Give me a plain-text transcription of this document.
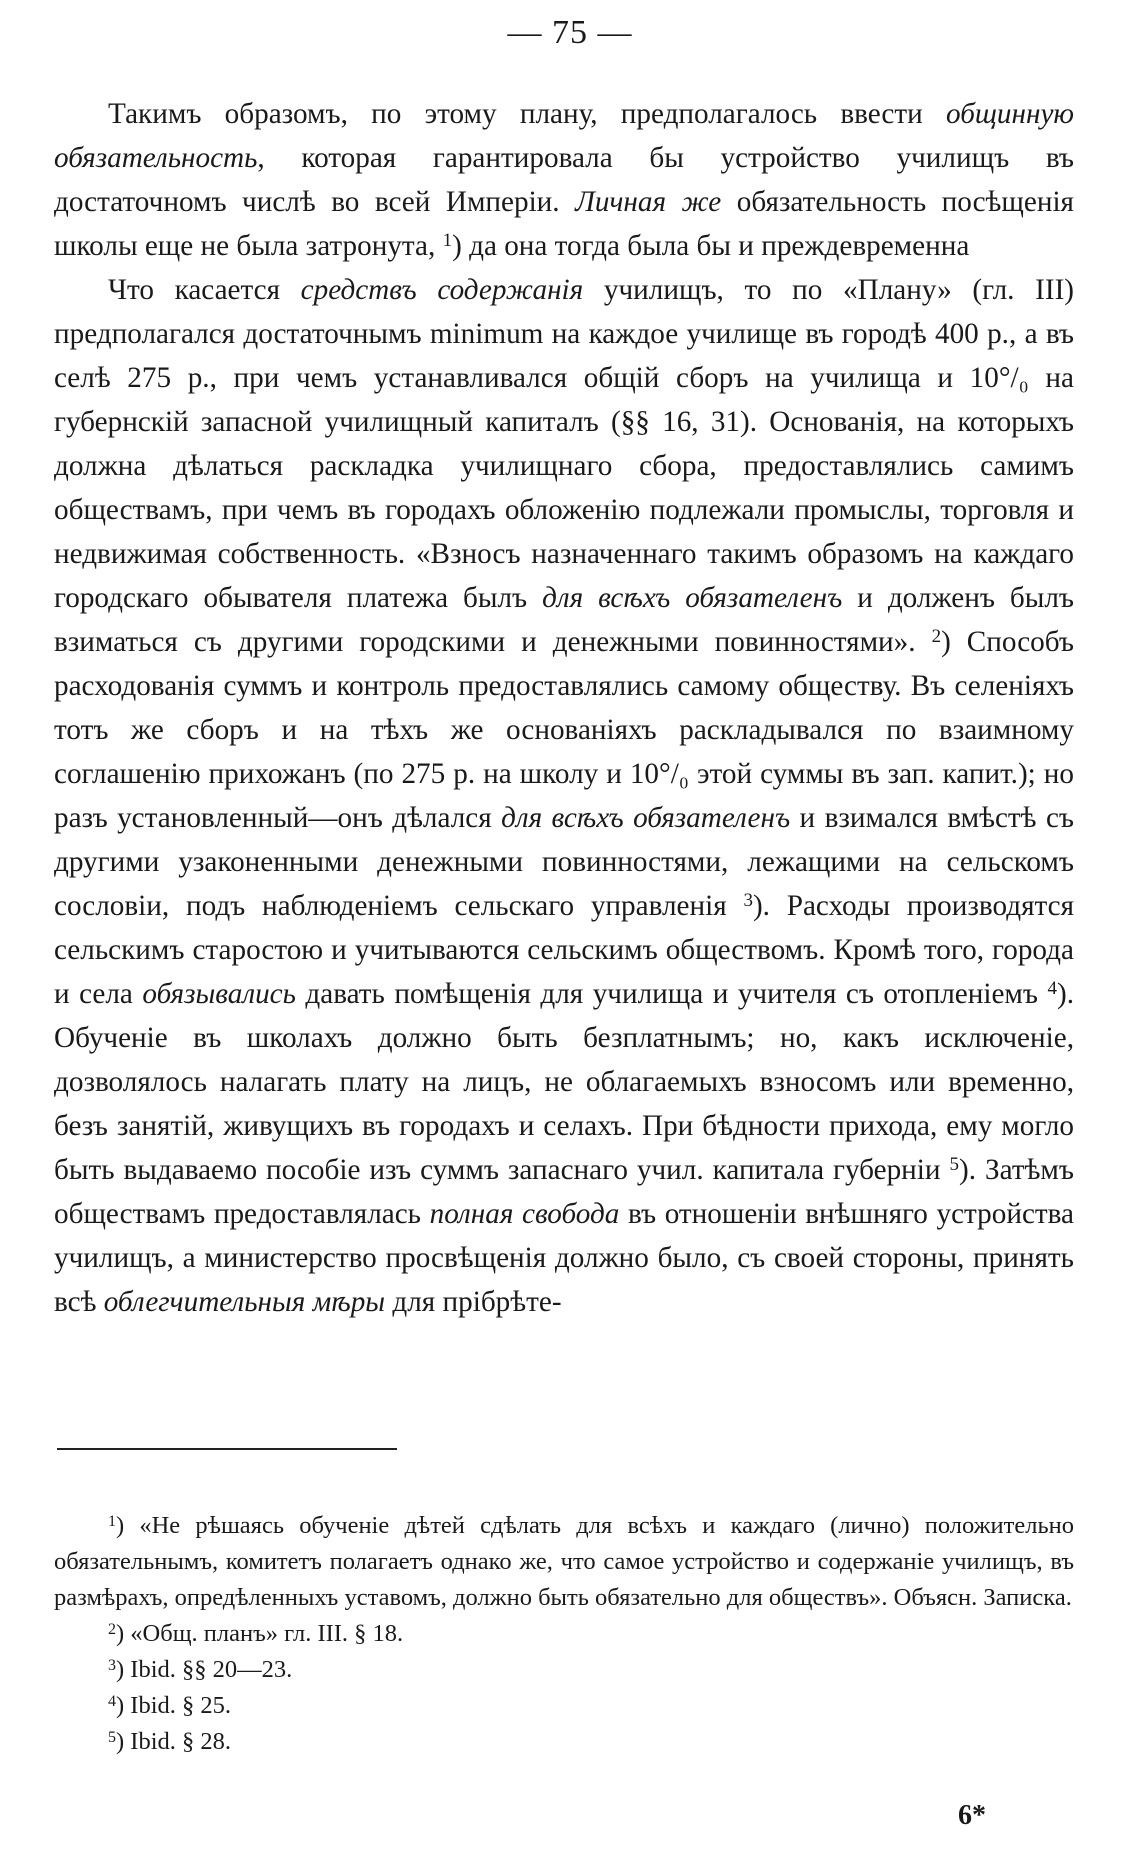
— 75 —

Такимъ образомъ, по этому плану, предполагалось ввести общинную обязательность, которая гарантировала бы устройство училищъ въ достаточномъ числѣ во всей Имперіи. Личная же обязательность посѣщенія школы еще не была затронута, $^1$) да она тогда была бы и преждевременна

Что касается средствъ содержанія училищъ, то по «Плану» (гл. III) предполагался достаточнымъ minimum на каждое училище въ городѣ 400 р., а въ селѣ 275 р., при чемъ устанавливался общій сборъ на училища и 10°/₀ на губернскій запасной училищный капиталъ (§§ 16, 31). Основанія, на которыхъ должна дѣлаться раскладка училищнаго сбора, предоставлялись самимъ обществамъ, при чемъ въ городахъ обложенію подлежали промыслы, торговля и недвижимая собственность. «Взносъ назначеннаго такимъ образомъ на каждаго городскаго обывателя платежа былъ для всѣхъ обязателенъ и долженъ былъ взиматься съ другими городскими и денежными повинностями». $^2$) Способъ расходованія суммъ и контроль предоставлялись самому обществу. Въ селеніяхъ тотъ же сборъ и на тѣхъ же основаніяхъ раскладывался по взаимному соглашенію прихожанъ (по 275 р. на школу и 10°/₀ этой суммы въ зап. капит.); но разъ установленный—онъ дѣлался для всѣхъ обязателенъ и взимался вмѣстѣ съ другими узаконенными денежными повинностями, лежащими на сельскомъ сословіи, подъ наблюденіемъ сельскаго управленія $^3$). Расходы производятся сельскимъ старостою и учитываются сельскимъ обществомъ. Кромѣ того, города и села обязывались давать помѣщенія для училища и учителя съ отопленіемъ $^4$). Обученіе въ школахъ должно быть безплатнымъ; но, какъ исключеніе, дозволялось налагать плату на лицъ, не облагаемыхъ взносомъ или временно, безъ занятій, живущихъ въ городахъ и селахъ. При бѣдности прихода, ему могло быть выдаваемо пособіе изъ суммъ запаснаго учил. капитала губерніи $^5$). Затѣмъ обществамъ предоставлялась полная свобода въ отношеніи внѣшняго устройства училищъ, а министерство просвѣщенія должно было, съ своей стороны, принять всѣ облегчительныя мѣры для прiбрѣте-

$^1$) «Не рѣшаясь обученіе дѣтей сдѣлать для всѣхъ и каждаго (лично) положительно обязательнымъ, комитетъ полагаетъ однако же, что самое устройство и содержаніе училищъ, въ размѣрахъ, опредѣленныхъ уставомъ, должно быть обязательно для обществъ». Объясн. Записка.
$^2$) «Общ. планъ» гл. III. § 18.
$^3$) Ibid. §§ 20—23.
$^4$) Ibid. § 25.
$^5$) Ibid. § 28.
6*
